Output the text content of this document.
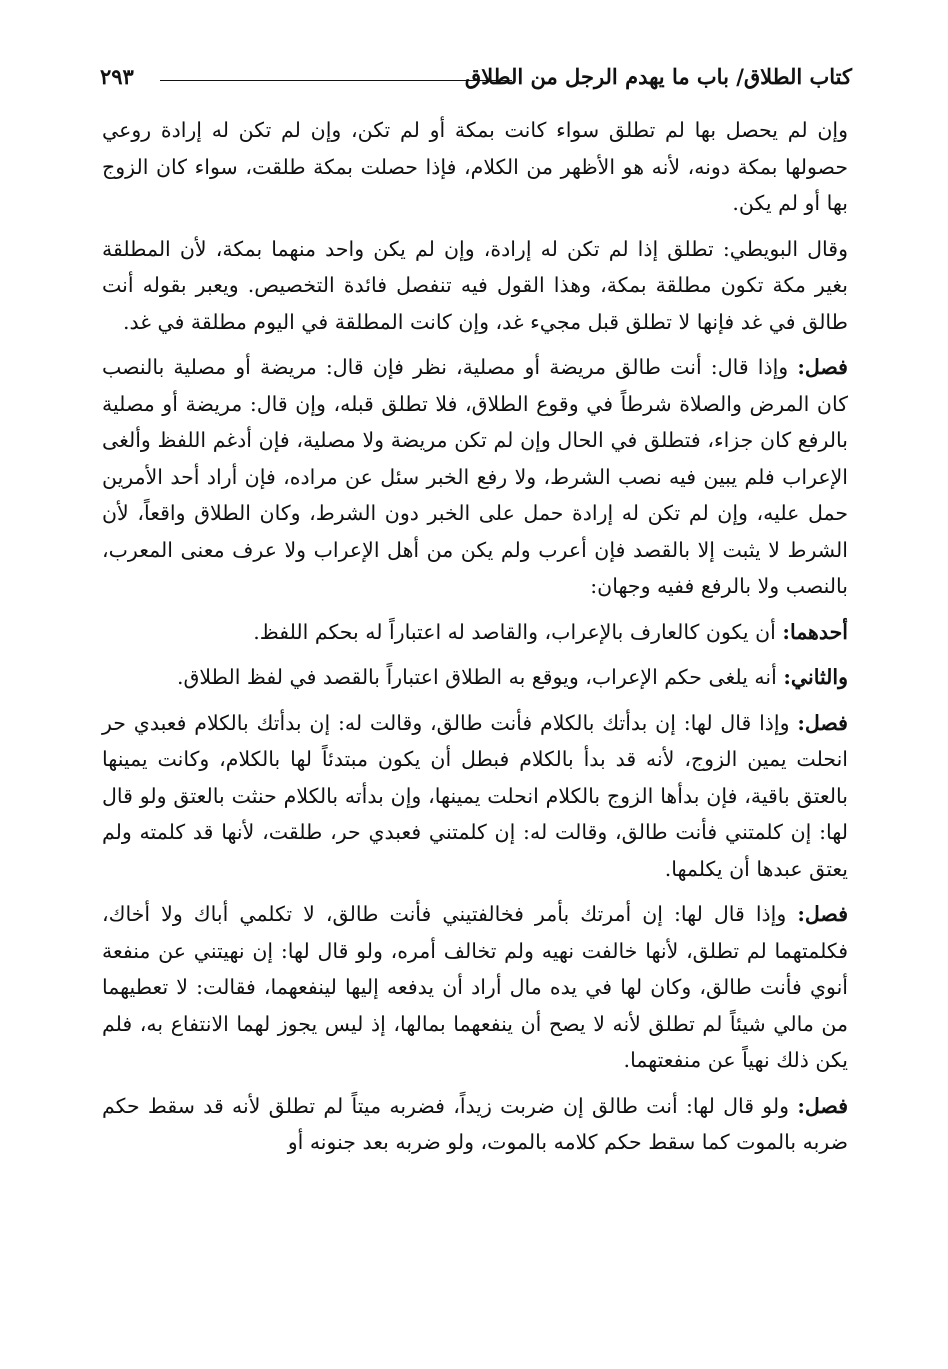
كتاب الطلاق/ باب ما يهدم الرجل من الطلاق
٢٩٣

وإن لم يحصل بها لم تطلق سواء كانت بمكة أو لم تكن، وإن لم تكن له إرادة روعي حصولها بمكة دونه، لأنه هو الأظهر من الكلام، فإذا حصلت بمكة طلقت، سواء كان الزوج بها أو لم يكن.

وقال البويطي: تطلق إذا لم تكن له إرادة، وإن لم يكن واحد منهما بمكة، لأن المطلقة بغير مكة تكون مطلقة بمكة، وهذا القول فيه تنفصل فائدة التخصيص. ويعبر بقوله أنت طالق في غد فإنها لا تطلق قبل مجيء غد، وإن كانت المطلقة في اليوم مطلقة في غد.

فصل: وإذا قال: أنت طالق مريضة أو مصلية، نظر فإن قال: مريضة أو مصلية بالنصب كان المرض والصلاة شرطاً في وقوع الطلاق، فلا تطلق قبله، وإن قال: مريضة أو مصلية بالرفع كان جزاء، فتطلق في الحال وإن لم تكن مريضة ولا مصلية، فإن أدغم اللفظ وألغى الإعراب فلم يبين فيه نصب الشرط، ولا رفع الخبر سئل عن مراده، فإن أراد أحد الأمرين حمل عليه، وإن لم تكن له إرادة حمل على الخبر دون الشرط، وكان الطلاق واقعاً، لأن الشرط لا يثبت إلا بالقصد فإن أعرب ولم يكن من أهل الإعراب ولا عرف معنى المعرب، بالنصب ولا بالرفع ففيه وجهان:

أحدهما: أن يكون كالعارف بالإعراب، والقاصد له اعتباراً له بحكم اللفظ.

والثاني: أنه يلغى حكم الإعراب، ويوقع به الطلاق اعتباراً بالقصد في لفظ الطلاق.

فصل: وإذا قال لها: إن بدأتك بالكلام فأنت طالق، وقالت له: إن بدأتك بالكلام فعبدي حر انحلت يمين الزوج، لأنه قد بدأ بالكلام فبطل أن يكون مبتدئاً لها بالكلام، وكانت يمينها بالعتق باقية، فإن بدأها الزوج بالكلام انحلت يمينها، وإن بدأته بالكلام حنثت بالعتق ولو قال لها: إن كلمتني فأنت طالق، وقالت له: إن كلمتني فعبدي حر، طلقت، لأنها قد كلمته ولم يعتق عبدها أن يكلمها.

فصل: وإذا قال لها: إن أمرتك بأمر فخالفتيني فأنت طالق، لا تكلمي أباك ولا أخاك، فكلمتهما لم تطلق، لأنها خالفت نهيه ولم تخالف أمره، ولو قال لها: إن نهيتني عن منفعة أنوي فأنت طالق، وكان لها في يده مال أراد أن يدفعه إليها لينفعهما، فقالت: لا تعطيهما من مالي شيئاً لم تطلق لأنه لا يصح أن ينفعهما بمالها، إذ ليس يجوز لهما الانتفاع به، فلم يكن ذلك نهياً عن منفعتهما.

فصل: ولو قال لها: أنت طالق إن ضربت زيداً، فضربه ميتاً لم تطلق لأنه قد سقط حكم ضربه بالموت كما سقط حكم كلامه بالموت، ولو ضربه بعد جنونه أو
